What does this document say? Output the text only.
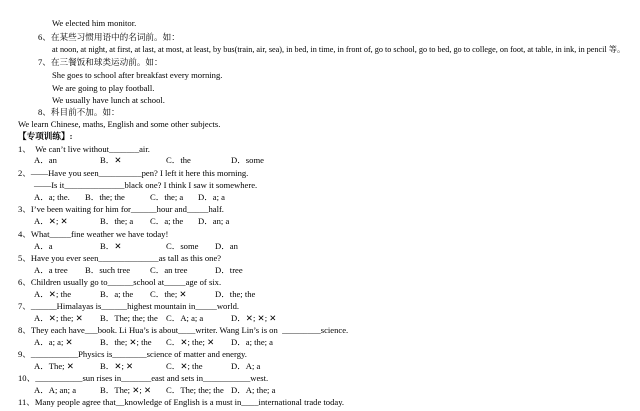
We elected him monitor.
6、在某些习惯用语中的名词前。如：
at noon, at night, at first, at last, at most, at least, by bus(train, air, sea), in bed, in time, in front of, go to school, go to bed, go to college, on foot, at table, in ink, in pencil 等。
7、在三餐饭和球类运动前。如：
She goes to school after breakfast every morning.
We are going to play football.
We usually have lunch at school.
8、科目前不加。如：
We learn Chinese, maths, English and some other subjects.
【专项训练】:
1、  We can’t live without_______air.
A．an	B．✕	C．the	D．some
2、——Have you seen__________pen? I left it here this morning.
——Is it______________black one? I think I saw it somewhere.
A．a; the. B．the; the	C．the; a D．a; a
3、I’ve been waiting for him for______hour and_____half.
A．✕; ✕	B．the; a C．a; the D．an; a
4、What_____fine weather we have today!
A．a	B．✕	C．some D．an
5、Have you ever seen______________as tall as this one?
A．a tree B．such tree C．an tree	D．tree
6、Children usually go to______school at_____age of six.
A．✕; the	B．a; the C．the; ✕	D．the; the
7、______Himalayas is______highest mountain in_____world.
A．✕; the; ✕ B．The; the; the C．A; a; a	D．✕; ✕; ✕
8、They each have___book. Li Hua’s is about____writer. Wang Lin’s is on  _________science.
A．a; a; ✕	B．the; ✕; the C．✕; the; ✕ D．a; the; a
9、___________Physics is________science of matter and energy.
A．The; ✕	B．✕; ✕	C．✕; the	D．A; a
10、___________sun rises in_______east and sets in___________west.
A．A; an; a	B．The; ✕; ✕ C．The; the; the D．A; the; a
11、Many people agree that__knowledge of English is a must in____international trade today.
